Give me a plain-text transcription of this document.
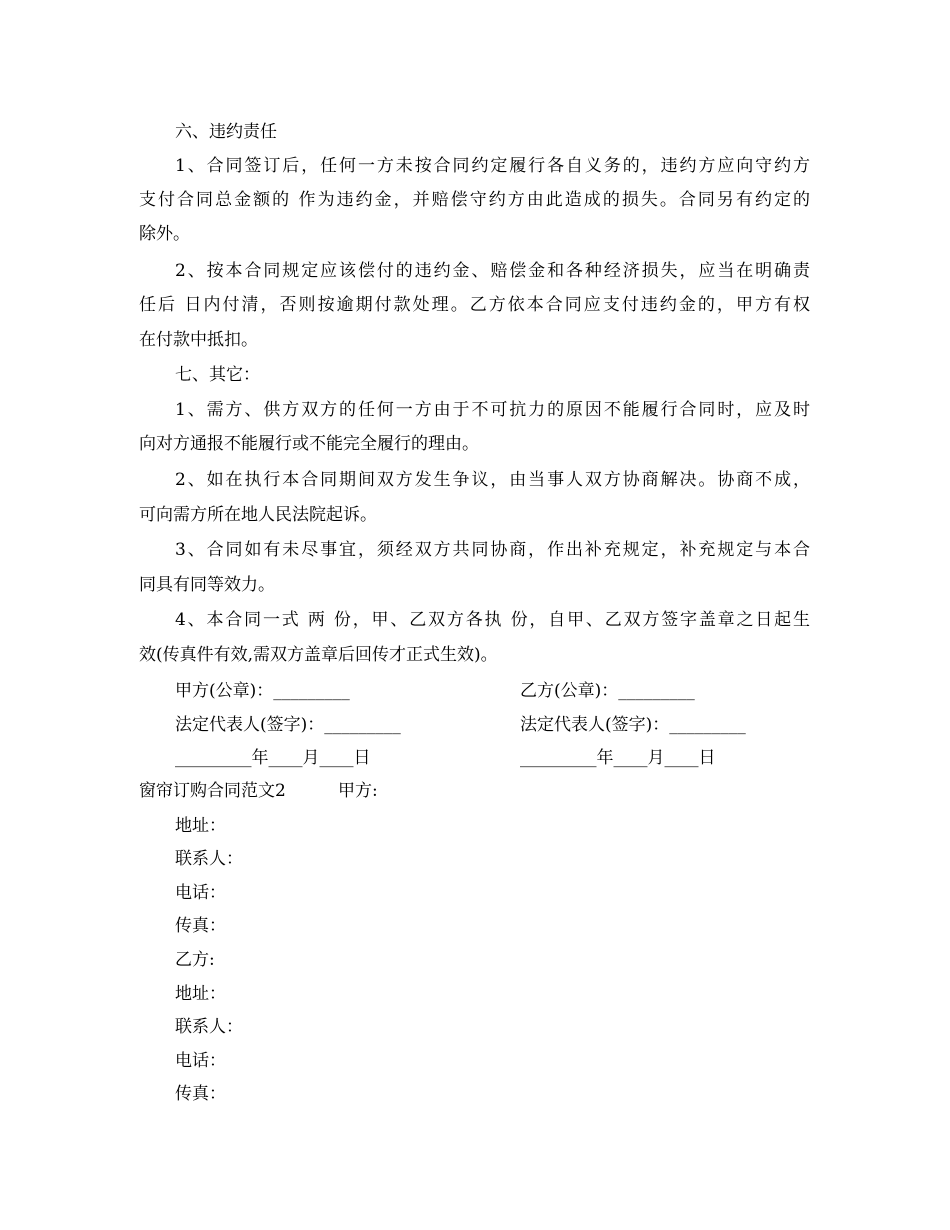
六、违约责任
1、合同签订后，任何一方未按合同约定履行各自义务的，违约方应向守约方
支付合同总金额的 作为违约金，并赔偿守约方由此造成的损失。合同另有约定的
除外。
2、按本合同规定应该偿付的违约金、赔偿金和各种经济损失，应当在明确责
任后 日内付清，否则按逾期付款处理。乙方依本合同应支付违约金的，甲方有权
在付款中抵扣。
七、其它：
1、需方、供方双方的任何一方由于不可抗力的原因不能履行合同时，应及时
向对方通报不能履行或不能完全履行的理由。
2、如在执行本合同期间双方发生争议，由当事人双方协商解决。协商不成，
可向需方所在地人民法院起诉。
3、合同如有未尽事宜，须经双方共同协商，作出补充规定，补充规定与本合
同具有同等效力。
4、本合同一式 两 份，甲、乙双方各执 份，自甲、乙双方签字盖章之日起生
效(传真件有效,需双方盖章后回传才正式生效)。
甲方(公章)：_________	乙方(公章)：_________
法定代表人(签字)：_________	法定代表人(签字)：_________
_________年____月____日	_________年____月____日
窗帘订购合同范文2	甲方:
地址：
联系人：
电话：
传真：
乙方:
地址：
联系人：
电话：
传真：
